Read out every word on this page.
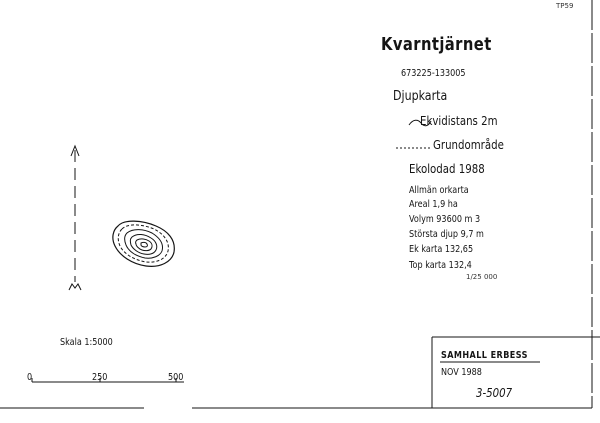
TP59
Kvarntjärnet
673225-133005
Djupkarta
Ekvidistans 2m
Grundområde
Ekolodad 1988
Allmän orkarta
Areal 1,9 ha
Volym 93600 m 3
Största djup 9,7 m
Ek karta 132,65
Top karta 132,4
1/25 000
Skala 1:5000
0	250	500
SAMHALL ERBESS
NOV 1988
3-5007
